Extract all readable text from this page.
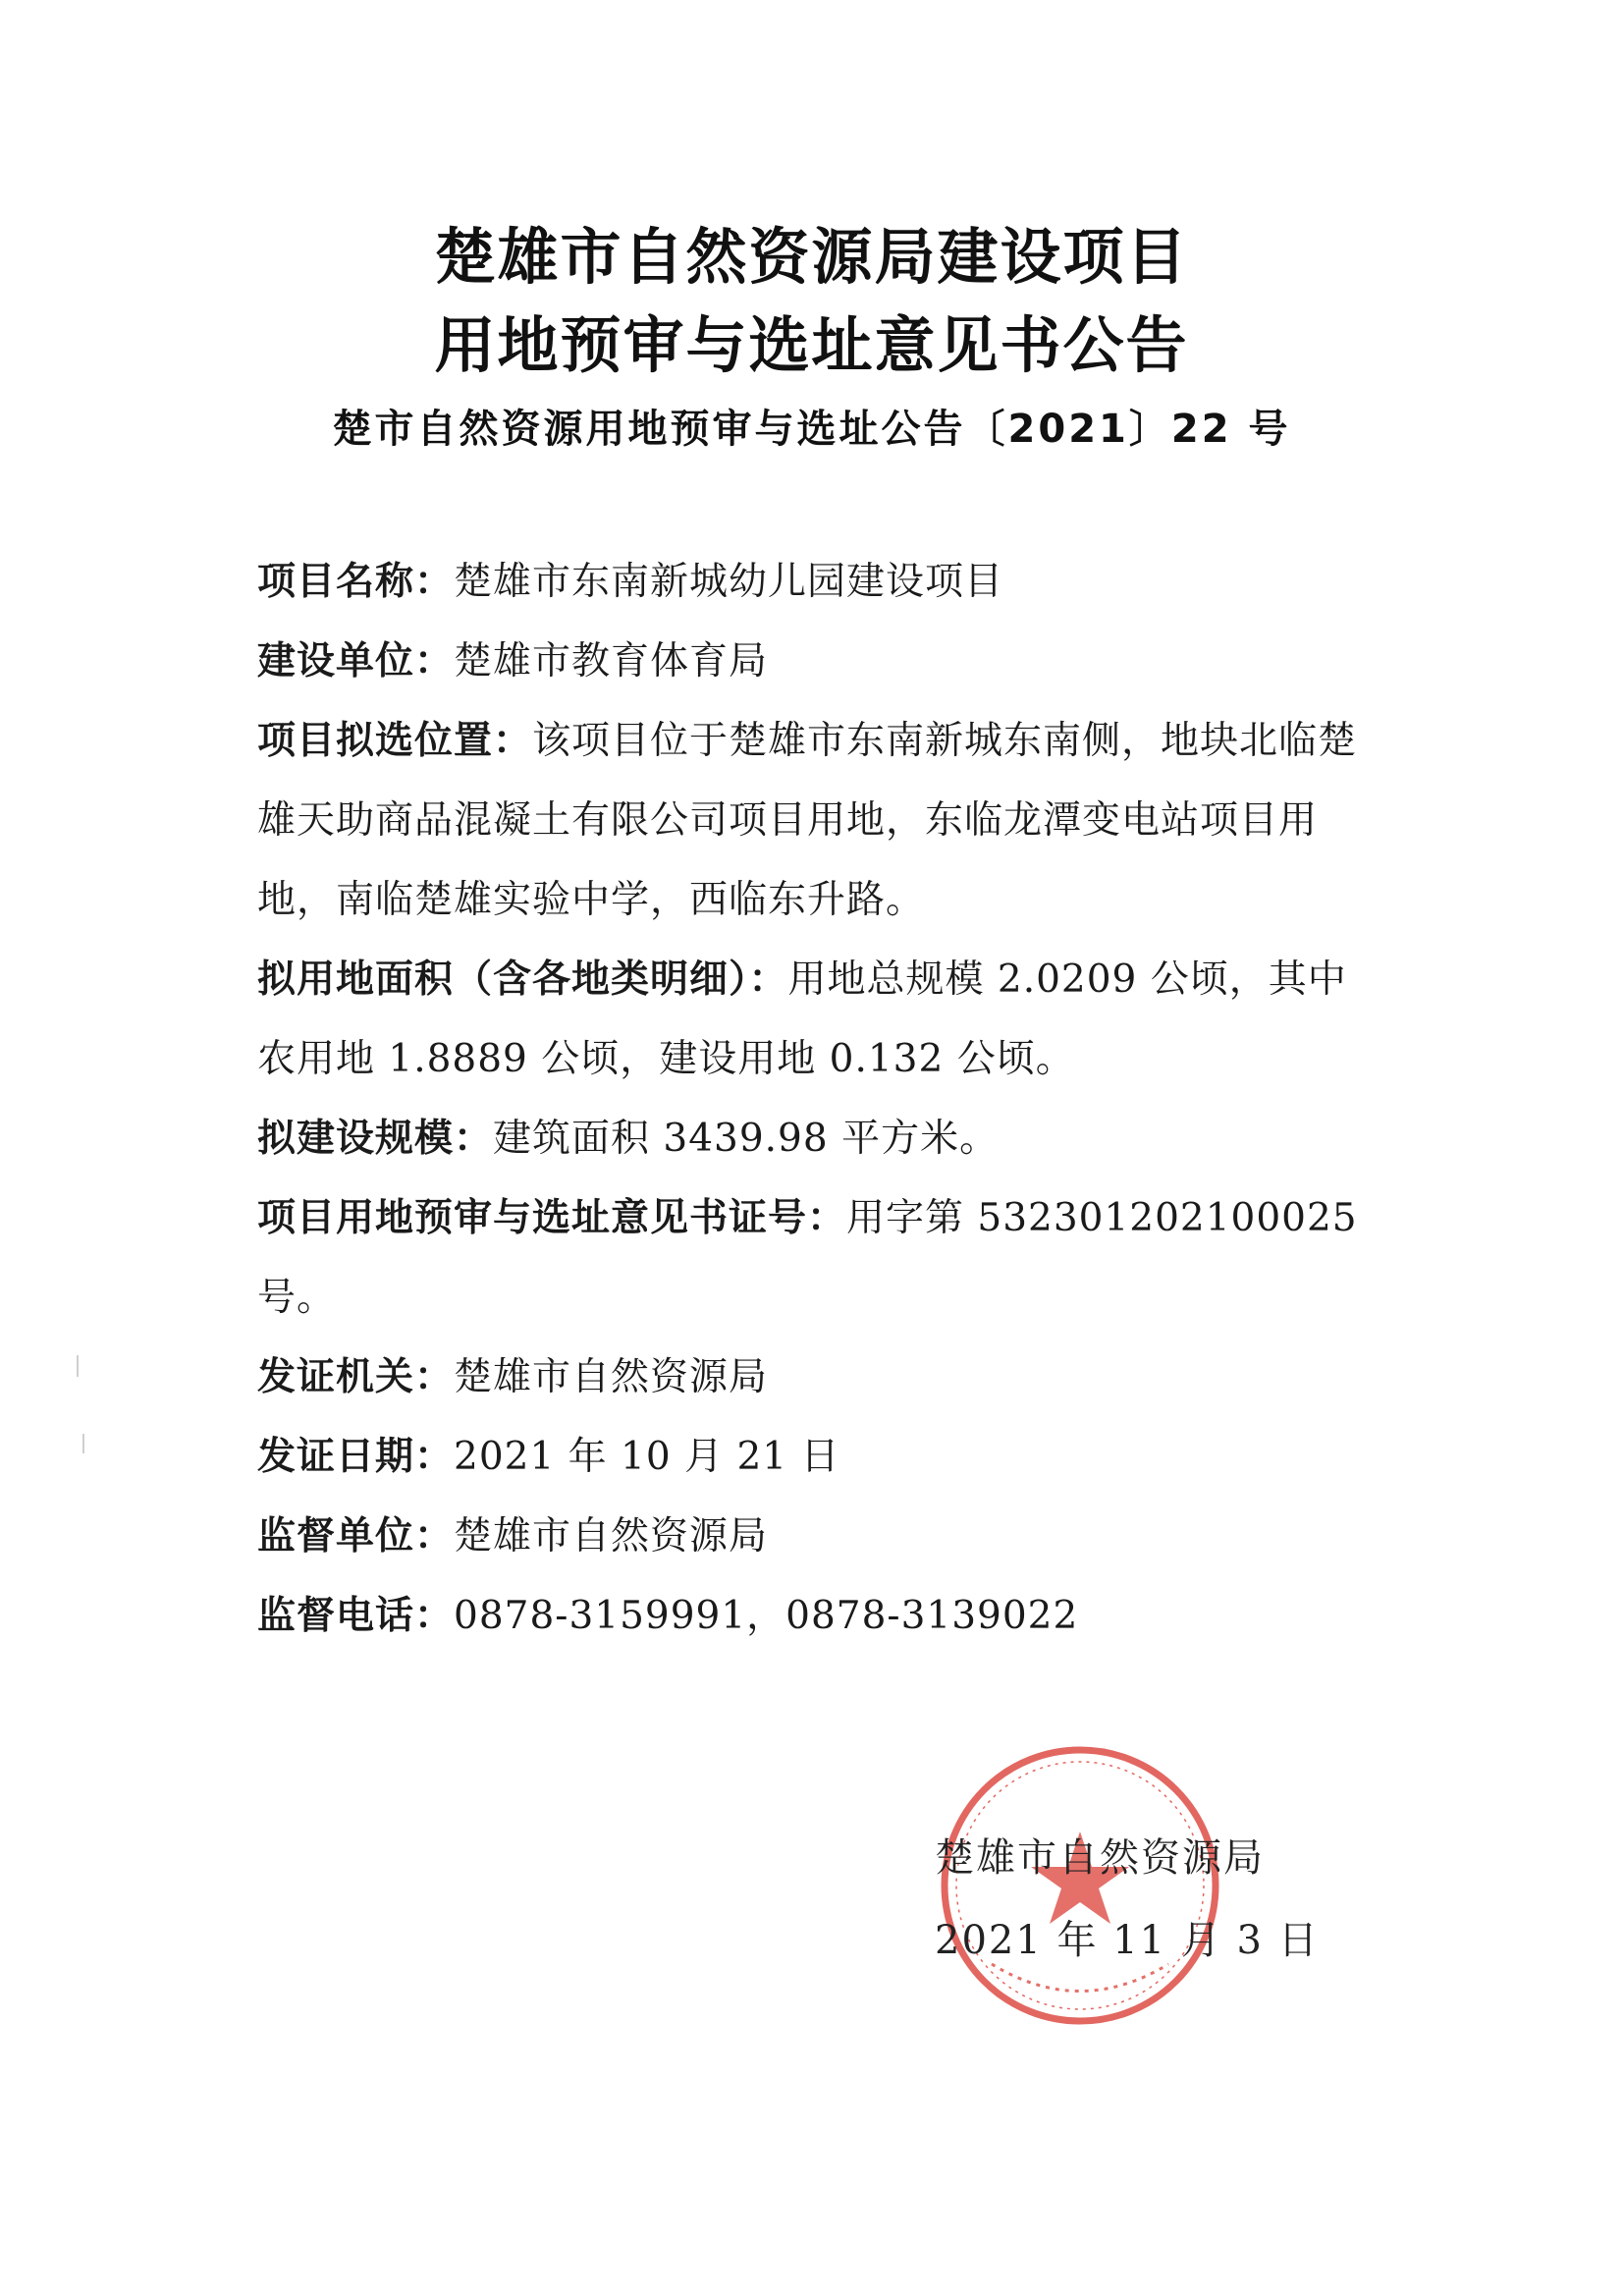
楚雄市自然资源局建设项目
用地预审与选址意见书公告
楚市自然资源用地预审与选址公告〔2021〕22 号
项目名称：楚雄市东南新城幼儿园建设项目
建设单位：楚雄市教育体育局
项目拟选位置：该项目位于楚雄市东南新城东南侧，地块北临楚雄天助商品混凝土有限公司项目用地，东临龙潭变电站项目用地，南临楚雄实验中学，西临东升路。
拟用地面积（含各地类明细）：用地总规模 2.0209 公顷，其中农用地 1.8889 公顷，建设用地 0.132 公顷。
拟建设规模：建筑面积 3439.98 平方米。
项目用地预审与选址意见书证号：用字第 532301202100025 号。
发证机关：楚雄市自然资源局
发证日期：2021 年 10 月 21 日
监督单位：楚雄市自然资源局
监督电话：0878-3159991，0878-3139022
楚雄市自然资源局
2021 年 11 月 3 日
